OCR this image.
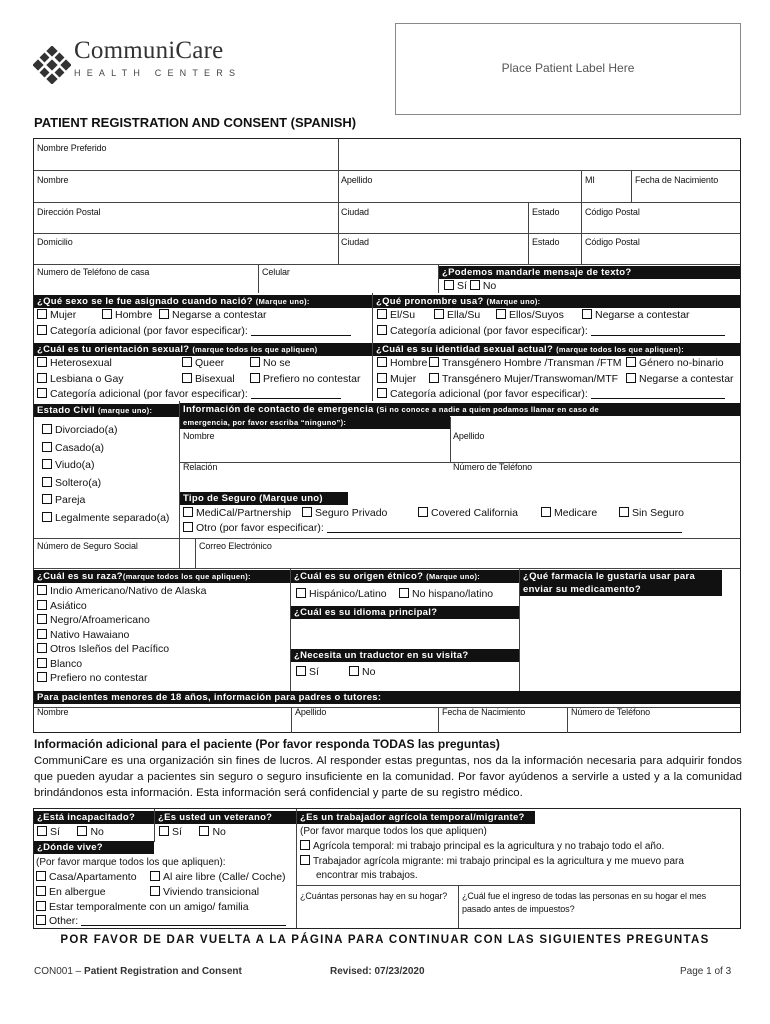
CommuniCare
HEALTH CENTERS	Place Patient Label Here
PATIENT REGISTRATION AND CONSENT (SPANISH)
Nombre Preferido
Nombre	Apellido	MI	Fecha de Nacimiento
Dirección Postal	Ciudad	Estado	Código Postal
Domicilio	Ciudad	Estado	Código Postal
Numero de Teléfono de casa	Celular	¿Podemos mandarle mensaje de texto?
Sí No
¿Qué sexo se le fue asignado cuando nació? (Marque uno):
Mujer	Hombre	Negarse a contestar
Categoría adicional (por favor especificar):
¿Qué pronombre usa? (Marque uno):
El/Su	Ella/Su	Ellos/Suyos	Negarse a contestar
Categoría adicional (por favor especificar):
¿Cuál es tu orientación sexual? (marque todos los que apliquen)
Heterosexual	Queer	No se
Lesbiana o Gay	Bisexual	Prefiero no contestar
Categoría adicional (por favor especificar):
¿Cuál es su identidad sexual actual? (marque todos los que apliquen):
Hombre	Transgénero Hombre /Transman /FTM	Género no-binario
Mujer	Transgénero Mujer/Transwoman/MTF	Negarse a contestar
Categoría adicional (por favor especificar):
Estado Civil (marque uno):
Divorciado(a)
Casado(a)
Viudo(a)
Soltero(a)
Pareja
Legalmente separado(a)
Información de contacto de emergencia (Si no conoce a nadie a quien podamos llamar en caso de
emergencia, por favor escriba “ninguno”):
Nombre	Apellido
Relación	Número de Teléfono
Tipo de Seguro (Marque uno)
MediCal/Partnership	Seguro Privado	Covered California	Medicare	Sin Seguro
Otro (por favor especificar):
Número de Seguro Social	Correo Electrónico
¿Cuál es su raza?(marque todos los que apliquen):
Indio Americano/Nativo de Alaska
Asiático
Negro/Afroamericano
Nativo Hawaiano
Otros Isleños del Pacífico
Blanco
Prefiero no contestar
¿Cuál es su origen étnico? (Marque uno):
Hispánico/Latino	No hispano/latino
¿Cuál es su idioma principal?
¿Necesita un traductor en su visita?
Sí	No
¿Qué farmacia le gustaría usar para
enviar su medicamento?
Para pacientes menores de 18 años, información para padres o tutores:
Nombre	Apellido	Fecha de Nacimiento	Número de Teléfono
Información adicional para el paciente (Por favor responda TODAS las preguntas)
CommuniCare es una organización sin fines de lucros. Al responder estas preguntas, nos da la información necesaria para adquirir fondos que pueden ayudar a pacientes sin seguro o seguro insuficiente en la comunidad. Por favor ayúdenos a servirle a usted y a la comunidad brindándonos esta información. Esta información será confidencial y parte de su registro médico.
¿Está incapacitado?
Sí	No
¿Es usted un veterano?
Sí	No
¿Dónde vive?
(Por favor marque todos los que apliquen):
Casa/Apartamento	Al aire libre (Calle/ Coche)
En albergue	Viviendo transicional
Estar temporalmente con un amigo/ familia
Other:
¿Es un trabajador agrícola temporal/migrante?
(Por favor marque todos los que apliquen)
Agrícola temporal: mi trabajo principal es la agricultura y no trabajo todo el año.
Trabajador agrícola migrante: mi trabajo principal es la agricultura y me muevo para
encontrar mis trabajos.
¿Cuántas personas hay en su hogar? ¿Cuál fue el ingreso de todas las personas en su hogar el mes
pasado antes de impuestos?
POR FAVOR DE DAR VUELTA A LA PÁGINA PARA CONTINUAR CON LAS SIGUIENTES PREGUNTAS
CON001 – Patient Registration and Consent	Revised: 07/23/2020	Page 1 of 3
